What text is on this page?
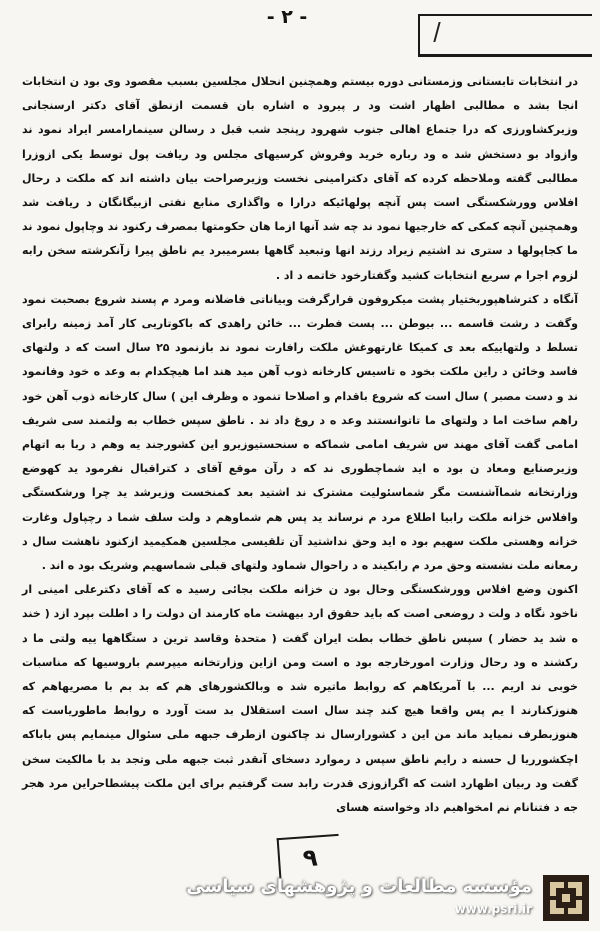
- ۲ -

در انتخابات تابستانی وزمستانی دوره بیستم وهمچنین انحلال مجلسین بسبب مقصود وی بود ن انتخابات انجا بشد ه مطالبی اظهار اشت ود ر پیرود ه اشاره بان قسمت ازنطق آقای دکتر ارسنجانی وزیرکشاورزی که درا جتماع اهالی جنوب شهرود رپنجد شب قبل د رسالن سینمارامسر ایراد نمود ند وازواد بو دستخش شد ه ود رباره خرید وفروش کرسیهای مجلس ود ریافت پول توسط یکی ازوزرا مطالبی گفته وملاحظه کرده که آقای دکترامینی نخست وزیرصراحت بیان داشته اند که ملکت د رحال افلاس وورشکستگی است پس آنچه پولهائیکه درارا ه واگذاری منابع نفتی ازبیگانگان د ریافت شد وهمچنین آنچه کمکی که خارجیها نمود ند چه شد آنها ازما هان حکومتها بمصرف رکنود ند وچاپول نمود ند ما کجاپولها د ستری ند اشتیم زیراد رزند انها وتبعید گاهها بسرمیبرد یم ناطق پیرا زآنکرشته سخن رابه لزوم اجرا م سریع انتخابات کشید وگفتارخود خاتمه د اد .

آنگاه د کترشاهپوربختیار پشت میکروفون قرارگرفت وبیاناتی فاضلانه ومرد م پسند شروع بصحبت نمود وگفت د رشت قاسمه ... بیوطن ... پست فطرت ... خائن راهدی که باکوتاریی کار آمد زمینه رابرای تسلط د ولتهاییکه بعد ی کمیکا غارتهوغش ملکت رافارت نمود ند بازنمود ۲۵ سال است که د ولتهای فاسد وخائن د راین ملکت بخود ه تاسیس کارخانه ذوب آهن مید هند اما هیچکدام به وعد ه خود وفانمود ند و دست مصبر ) سال است که شروع باقدام و اصلاحا تنمود ه وظرف این ) سال کارخانه ذوب آهن خود راهم ساخت اما د ولتهای ما تاتوانستند وعد ه د روغ داد ند . ناطق سپس خطاب به ولتمند سی شریف امامی گفت آقای مهند س شریف امامی شماکه ه سنحستیوزیرو این کشورجند یه وهم د ربا به اتهام وزیرصنایع ومعاد ن بود ه اید شماچطوری ند که د رآن موقع آقای د کتراقبال نفرمود ید کهوضع وزارتخانه شماآشنست مگر شماسئولیت مشترک ند اشتید بعد کمنخست وزیرشد ید چرا ورشکستگی وافلاس خزانه ملکت رابیا اطلاع مرد م نرساند ید پس هم شماوهم د ولت سلف شما د رچپاول وغارت خزانه وهستی ملکت سهیم بود ه اید وحق نداشتید آن تلقیسی مجلسین همکیمید ازکنود ناهشت سال د رمعانه ملت نشسته وحق مرد م رابکیند ه د راحوال شماود ولتهای قبلی شماسهیم وشریک بود ه اند .

اکنون وضع افلاس وورشکستگی وحال بود ن خزانه ملکت بجائی رسید ه که آقای دکترعلی امینی ار ناخود نگاه د ولت د روضعی اصت که باید حقوق ارد بیهشت ماه کارمند ان دولت را د اطلت بپرد ازد ( خند ه شد ید حضار ) سپس ناطق خطاب بطت ایران گفت ( متحدهٔ وقاسد ترین د ستگاهها ییه ولتی ما د ركشند ه ود رحال وزارت امورخارجه بود ه است ومن ازاین وزارتخانه میپرسم باروسیها که مناسبات خوبی ند اریم ... با آمریکاهم که روابط ماتیره شد ه وبالکشورهای هم که بد بم با مصریهاهم که هنوزکنارند ا یم پس واقعا هیچ کند چند سال است استقلال بد ست آورد ه روابط ماطوریاست که هنوزبطرف نمیاید ماند من این د کشورارسال ند چاکنون ازطرف جبهه ملی سئوال مینمایم پس باباکه اچکشورریا ل حسنه د رایم ناطق سپس د رموارد دسخای آنقدر ثبت جبهه ملی وتجد بد با مالکیت سخن گفت ود ربیان اظهارد اشت که اگرازوزی قدرت رابد ست گرفتیم برای این ملکت پیشطاحراین مرد هجر جه د فتنانام نم امخواهیم داد وخواسته هسای

۹
مؤسسه مطالعات و پژوهشهای سیاسی
www.psri.ir
